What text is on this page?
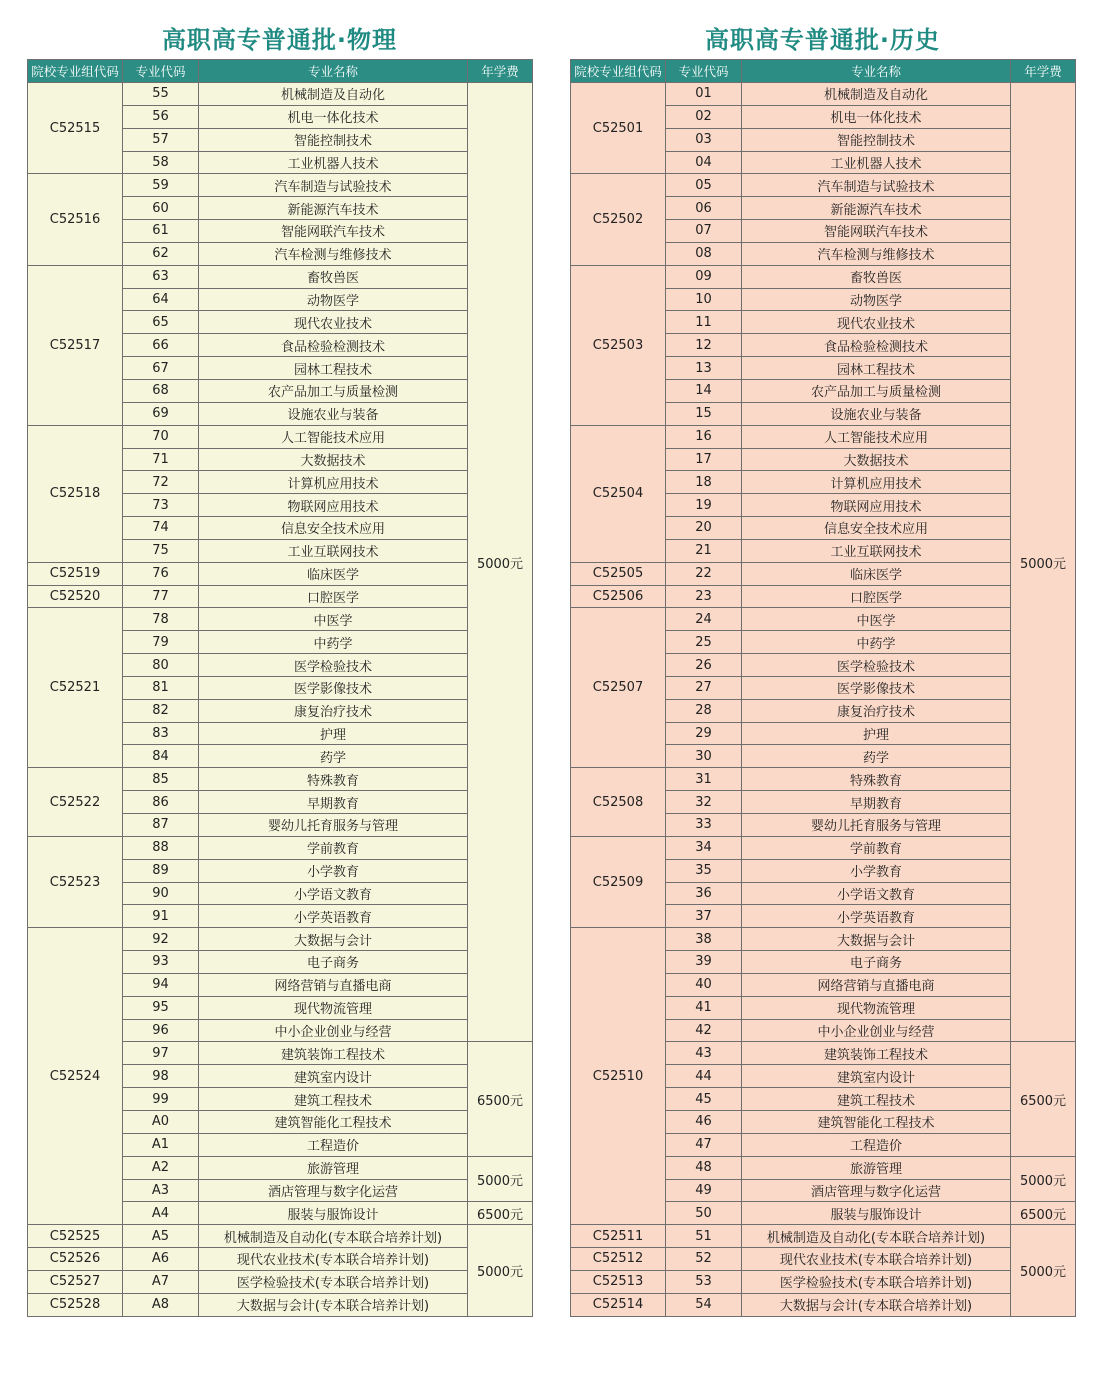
高职高专普通批·物理
院校专业组代码	专业代码	专业名称	年学费
C52515	55	机械制造及自动化	5000元
	56	机电一体化技术	
	57	智能控制技术	
	58	工业机器人技术	
C52516	59	汽车制造与试验技术	
	60	新能源汽车技术	
	61	智能网联汽车技术	
	62	汽车检测与维修技术	
C52517	63	畜牧兽医	
	64	动物医学	
	65	现代农业技术	
	66	食品检验检测技术	
	67	园林工程技术	
	68	农产品加工与质量检测	
	69	设施农业与装备	
C52518	70	人工智能技术应用	
	71	大数据技术	
	72	计算机应用技术	
	73	物联网应用技术	
	74	信息安全技术应用	
	75	工业互联网技术	
C52519	76	临床医学	
C52520	77	口腔医学	
C52521	78	中医学	
	79	中药学	
	80	医学检验技术	
	81	医学影像技术	
	82	康复治疗技术	
	83	护理	
	84	药学	
C52522	85	特殊教育	
	86	早期教育	
	87	婴幼儿托育服务与管理	
C52523	88	学前教育	
	89	小学教育	
	90	小学语文教育	
	91	小学英语教育	
C52524	92	大数据与会计	
	93	电子商务	
	94	网络营销与直播电商	
	95	现代物流管理	
	96	中小企业创业与经营	
	97	建筑装饰工程技术	6500元
	98	建筑室内设计	
	99	建筑工程技术	
	A0	建筑智能化工程技术	
	A1	工程造价	
	A2	旅游管理	5000元
	A3	酒店管理与数字化运营	
	A4	服装与服饰设计	6500元
C52525	A5	机械制造及自动化(专本联合培养计划)	5000元
C52526	A6	现代农业技术(专本联合培养计划)	
C52527	A7	医学检验技术(专本联合培养计划)	
C52528	A8	大数据与会计(专本联合培养计划)	
高职高专普通批·历史
院校专业组代码	专业代码	专业名称	年学费
C52501	01	机械制造及自动化	5000元
	02	机电一体化技术	
	03	智能控制技术	
	04	工业机器人技术	
C52502	05	汽车制造与试验技术	
	06	新能源汽车技术	
	07	智能网联汽车技术	
	08	汽车检测与维修技术	
C52503	09	畜牧兽医	
	10	动物医学	
	11	现代农业技术	
	12	食品检验检测技术	
	13	园林工程技术	
	14	农产品加工与质量检测	
	15	设施农业与装备	
C52504	16	人工智能技术应用	
	17	大数据技术	
	18	计算机应用技术	
	19	物联网应用技术	
	20	信息安全技术应用	
	21	工业互联网技术	
C52505	22	临床医学	
C52506	23	口腔医学	
C52507	24	中医学	
	25	中药学	
	26	医学检验技术	
	27	医学影像技术	
	28	康复治疗技术	
	29	护理	
	30	药学	
C52508	31	特殊教育	
	32	早期教育	
	33	婴幼儿托育服务与管理	
C52509	34	学前教育	
	35	小学教育	
	36	小学语文教育	
	37	小学英语教育	
C52510	38	大数据与会计	
	39	电子商务	
	40	网络营销与直播电商	
	41	现代物流管理	
	42	中小企业创业与经营	
	43	建筑装饰工程技术	6500元
	44	建筑室内设计	
	45	建筑工程技术	
	46	建筑智能化工程技术	
	47	工程造价	
	48	旅游管理	5000元
	49	酒店管理与数字化运营	
	50	服装与服饰设计	6500元
C52511	51	机械制造及自动化(专本联合培养计划)	5000元
C52512	52	现代农业技术(专本联合培养计划)	
C52513	53	医学检验技术(专本联合培养计划)	
C52514	54	大数据与会计(专本联合培养计划)	
